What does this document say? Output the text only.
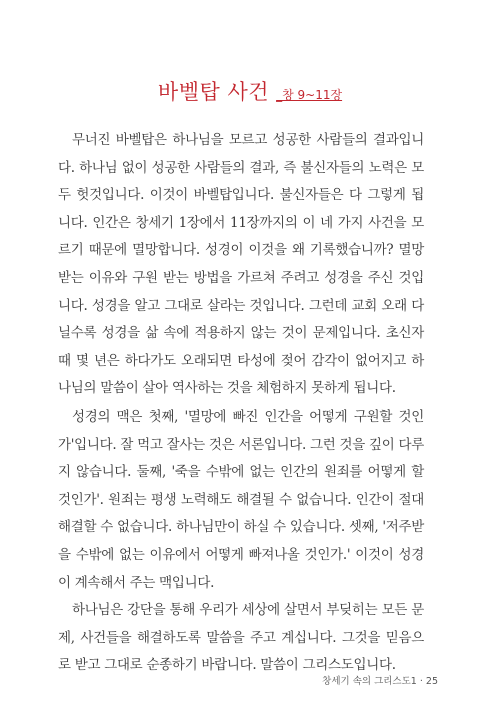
바벨탑 사건 _창 9~11장

무너진 바벨탑은 하나님을 모르고 성공한 사람들의 결과입니다. 하나님 없이 성공한 사람들의 결과, 즉 불신자들의 노력은 모두 헛것입니다. 이것이 바벨탑입니다. 불신자들은 다 그렇게 됩니다. 인간은 창세기 1장에서 11장까지의 이 네 가지 사건을 모르기 때문에 멸망합니다. 성경이 이것을 왜 기록했습니까? 멸망받는 이유와 구원 받는 방법을 가르쳐 주려고 성경을 주신 것입니다. 성경을 알고 그대로 살라는 것입니다. 그런데 교회 오래 다닐수록 성경을 삶 속에 적용하지 않는 것이 문제입니다. 초신자 때 몇 년은 하다가도 오래되면 타성에 젖어 감각이 없어지고 하나님의 말씀이 살아 역사하는 것을 체험하지 못하게 됩니다.

성경의 맥은 첫째, '멸망에 빠진 인간을 어떻게 구원할 것인가'입니다. 잘 먹고 잘사는 것은 서론입니다. 그런 것을 깊이 다루지 않습니다. 둘째, '죽을 수밖에 없는 인간의 원죄를 어떻게 할 것인가'. 원죄는 평생 노력해도 해결될 수 없습니다. 인간이 절대 해결할 수 없습니다. 하나님만이 하실 수 있습니다. 셋째, '저주받을 수밖에 없는 이유에서 어떻게 빠져나올 것인가.' 이것이 성경이 계속해서 주는 맥입니다.

하나님은 강단을 통해 우리가 세상에 살면서 부딪히는 모든 문제, 사건들을 해결하도록 말씀을 주고 계십니다. 그것을 믿음으로 받고 그대로 순종하기 바랍니다. 말씀이 그리스도입니다.

창세기 속의 그리스도1 · 25
